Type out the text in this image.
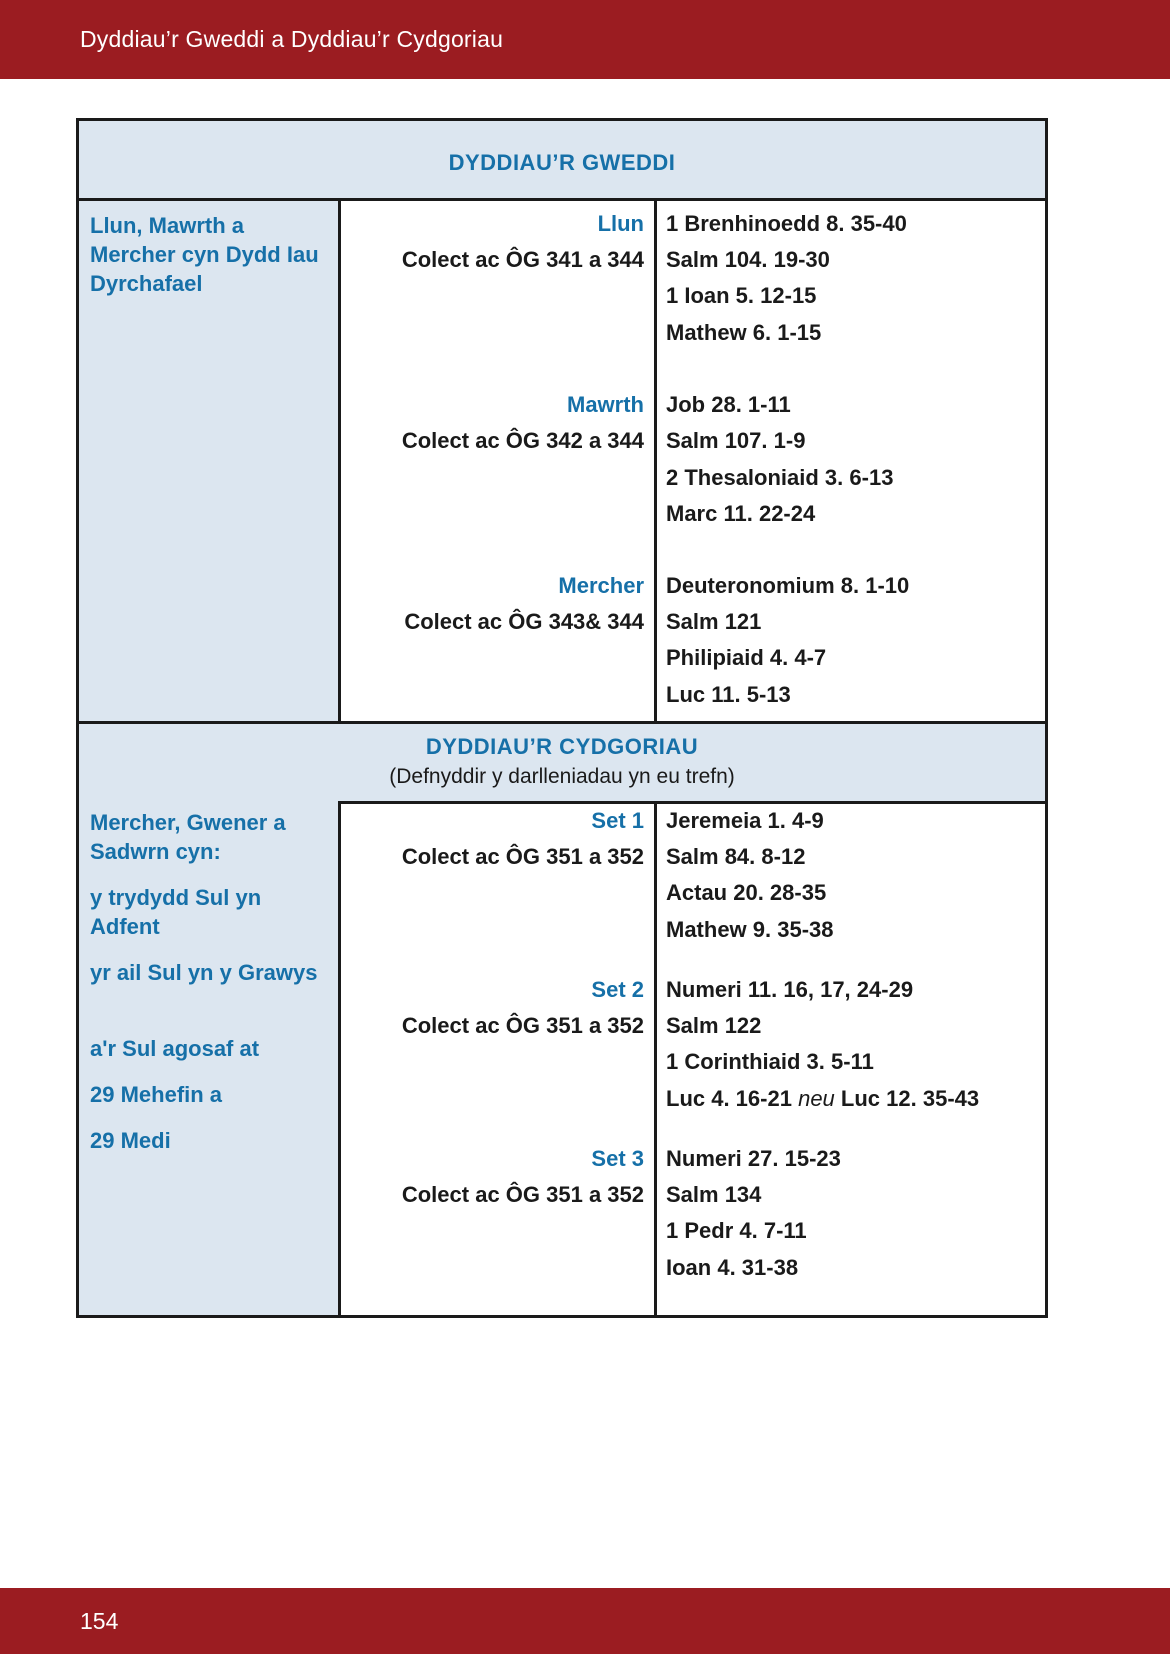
Dyddiau’r Gweddi a Dyddiau’r Cydgoriau
DYDDIAU’R GWEDDI
Llun, Mawrth a Mercher cyn Dydd Iau Dyrchafael
Llun
Colect ac ÔG 341 a 344
Mawrth
Colect ac ÔG 342 a 344
Mercher
Colect ac ÔG 343& 344
1 Brenhinoedd 8. 35-40
Salm 104. 19-30
1 Ioan 5. 12-15
Mathew 6. 1-15
Job 28. 1-11
Salm 107. 1-9
2 Thesaloniaid 3. 6-13
Marc 11. 22-24
Deuteronomium 8. 1-10
Salm 121
Philipiaid 4. 4-7
Luc 11. 5-13
DYDDIAU’R CYDGORIAU
(Defnyddir y darlleniadau yn eu trefn)
Mercher, Gwener a Sadwrn cyn:
y trydydd Sul yn Adfent
yr ail Sul yn y Grawys
a'r Sul agosaf at
29 Mehefin a
29 Medi
Set 1
Colect ac ÔG 351 a 352
Set 2
Colect ac ÔG 351 a 352
Set 3
Colect ac ÔG 351 a 352
Jeremeia 1. 4-9
Salm 84. 8-12
Actau 20. 28-35
Mathew 9. 35-38
Numeri 11. 16, 17, 24-29
Salm 122
1 Corinthiaid 3. 5-11
Luc 4. 16-21 neu Luc 12. 35-43
Numeri 27. 15-23
Salm 134
1 Pedr 4. 7-11
Ioan 4. 31-38
154
